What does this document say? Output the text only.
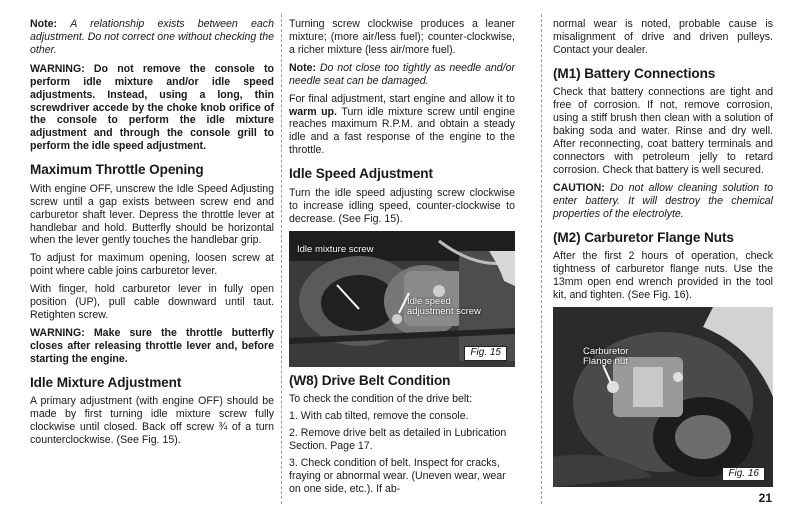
Note: A relationship exists between each adjustment. Do not correct one without checking the other.

WARNING: Do not remove the console to perform idle mixture and/or idle speed adjustments. Instead, using a long, thin screwdriver accede by the choke knob orifice of the console to perform the idle mixture adjustment and through the console grill to perform the idle speed adjustment.

Maximum Throttle Opening

With engine OFF, unscrew the Idle Speed Adjusting screw until a gap exists between screw end and carburetor shaft lever. Depress the throttle lever at handlebar and hold. Butterfly should be horizontal when the lever gently touches the handlebar grip.

To adjust for maximum opening, loosen screw at point where cable joins carburetor lever.

With finger, hold carburetor lever in fully open position (UP), pull cable downward until taut. Retighten screw.

WARNING: Make sure the throttle butterfly closes after releasing throttle lever and, before starting the engine.

Idle Mixture Adjustment

A primary adjustment (with engine OFF) should be made by first turning idle mixture screw fully clockwise until closed. Back off screw ¾ of a turn counterclockwise. (See Fig. 15).

Turning screw clockwise produces a leaner mixture; (more air/less fuel); counter-clockwise, a richer mixture (less air/more fuel).

Note: Do not close too tightly as needle and/or needle seat can be damaged.

For final adjustment, start engine and allow it to warm up. Turn idle mixture screw until engine reaches maximum R.P.M. and obtain a steady idle and a fast response of the engine to the throttle.

Idle Speed Adjustment

Turn the idle speed adjusting screw clockwise to increase idling speed, counter-clockwise to decrease. (See Fig. 15).

Idle mixture screw
Idle speed adjustment screw
Fig. 15
(W8) Drive Belt Condition

To check the condition of the drive belt:

1. With cab tilted, remove the console.

2. Remove drive belt as detailed in Lubrication Section. Page 17.

3. Check condition of belt. Inspect for cracks, fraying or abnormal wear. (Uneven wear, wear on one side, etc.). If ab-

normal wear is noted, probable cause is misalignment of drive and driven pulleys. Contact your dealer.

(M1) Battery Connections

Check that battery connections are tight and free of corrosion. If not, remove corrosion, using a stiff brush then clean with a solution of baking soda and water. Rinse and dry well. After reconnecting, coat battery terminals and connectors with petroleum jelly to retard corrosion. Check that battery is well secured.

CAUTION: Do not allow cleaning solution to enter battery. It will destroy the chemical properties of the electrolyte.

(M2) Carburetor Flange Nuts

After the first 2 hours of operation, check tightness of carburetor flange nuts. Use the 13mm open end wrench provided in the tool kit, and tighten. (See Fig. 16).

Carburetor Flange nut
Fig. 16
21
